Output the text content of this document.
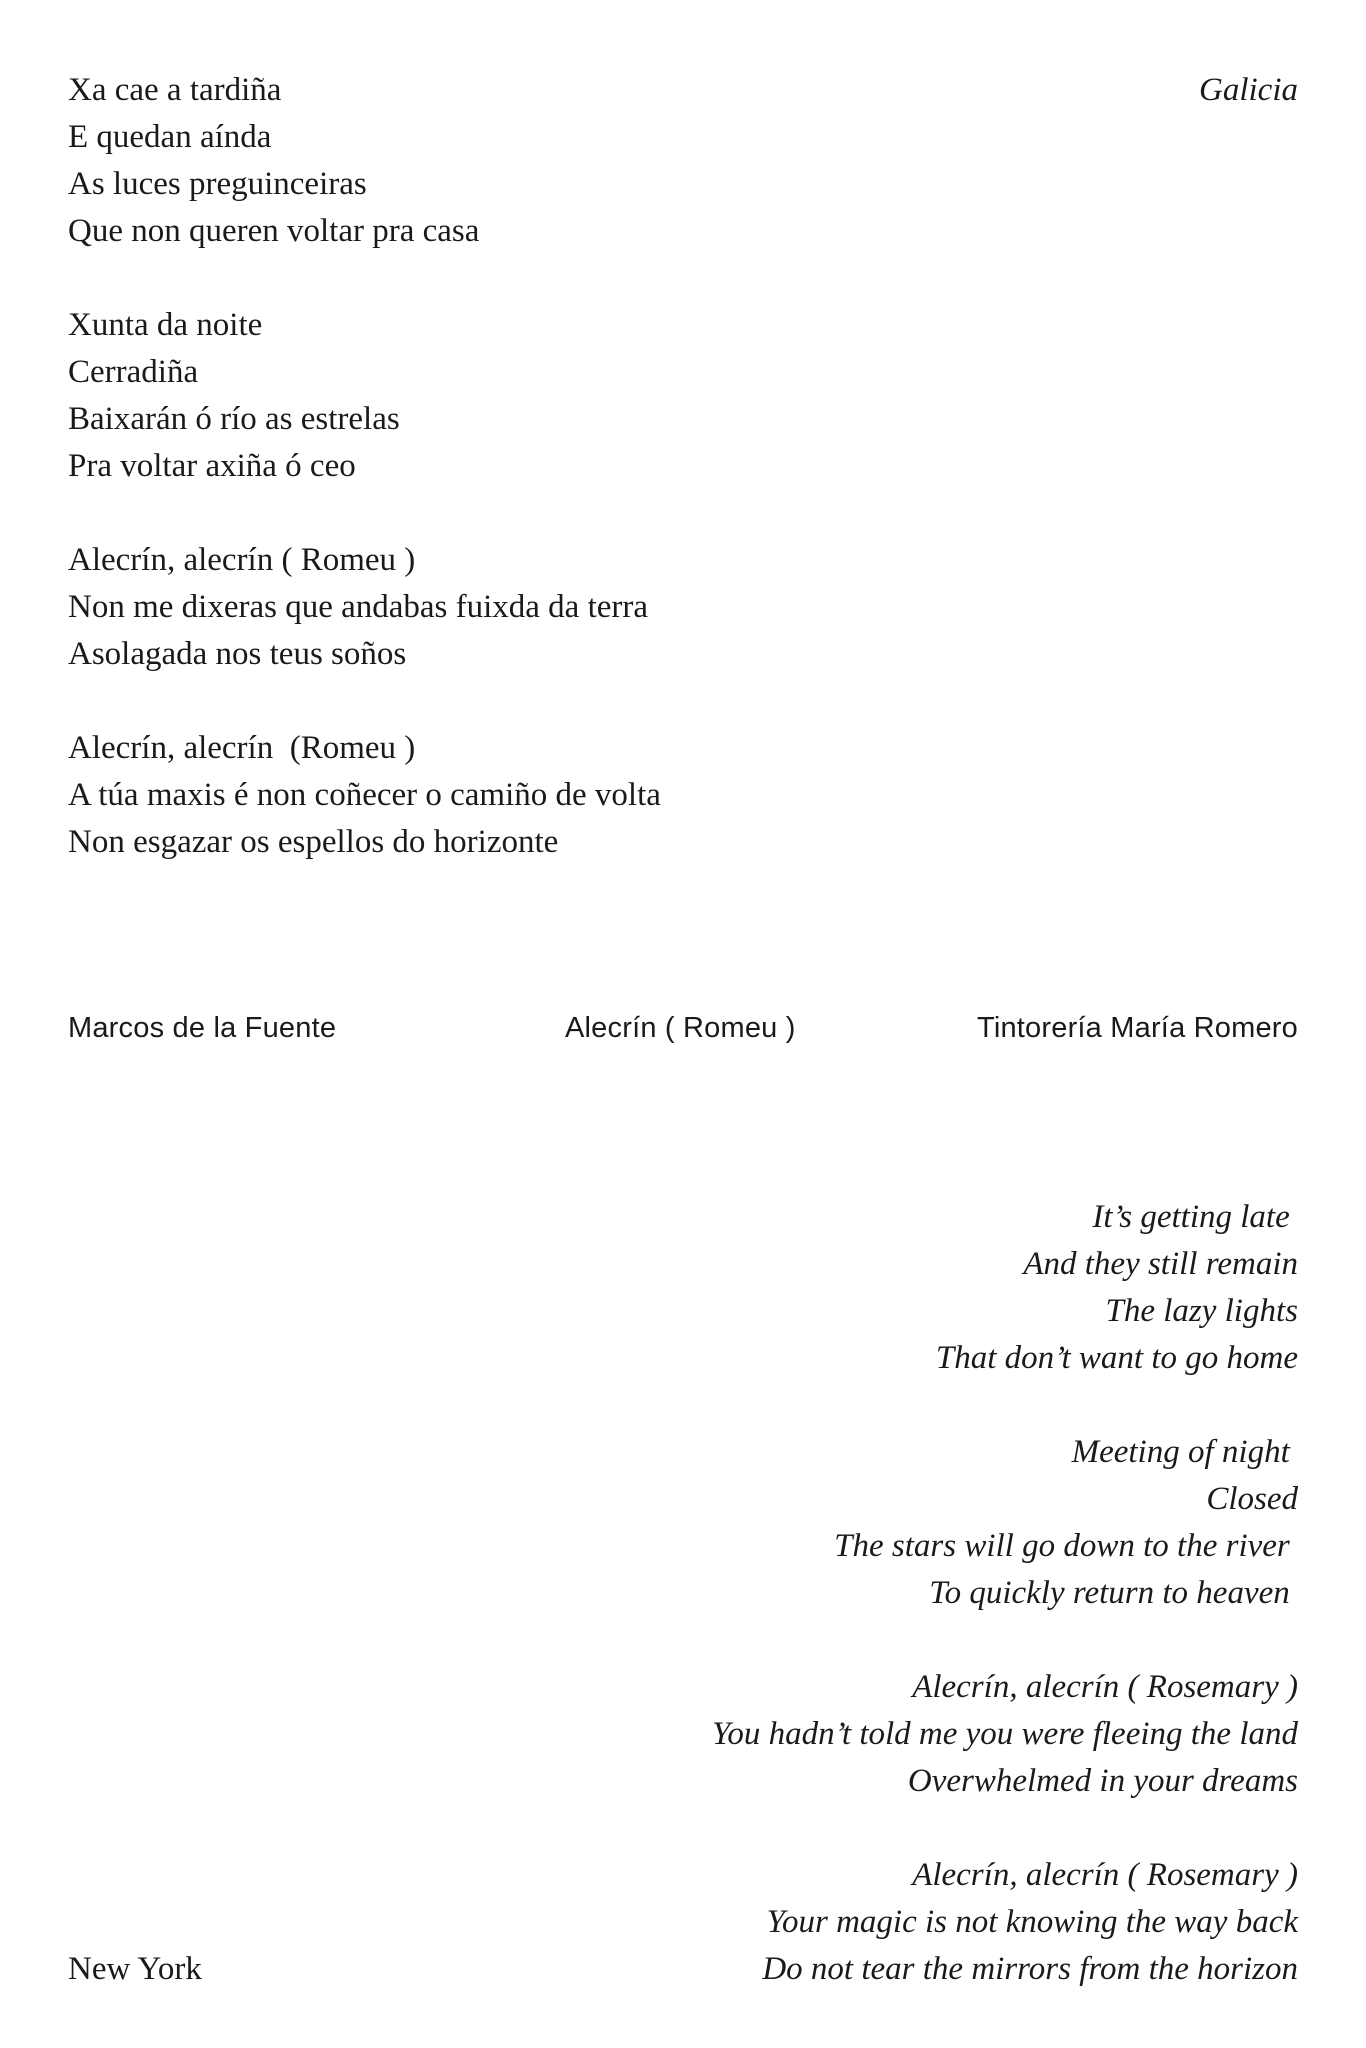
Galicia
Xa cae a tardiña
E quedan aínda
As luces preguinceiras
Que non queren voltar pra casa
Xunta da noite
Cerradiña
Baixarán ó río as estrelas
Pra voltar axiña ó ceo
Alecrín, alecrín ( Romeu )
Non me dixeras que andabas fuixda da terra
Asolagada nos teus soños
Alecrín, alecrín  (Romeu )
A túa maxis é non coñecer o camiño de volta
Non esgazar os espellos do horizonte
Marcos de la Fuente	Alecrín ( Romeu )	Tintorería María Romero
It’s getting late
And they still remain
The lazy lights
That don’t want to go home
Meeting of night
Closed
The stars will go down to the river
To quickly return to heaven
Alecrín, alecrín ( Rosemary )
You hadn’t told me you were fleeing the land
Overwhelmed in your dreams
Alecrín, alecrín ( Rosemary )
Your magic is not knowing the way back
Do not tear the mirrors from the horizon
New York
